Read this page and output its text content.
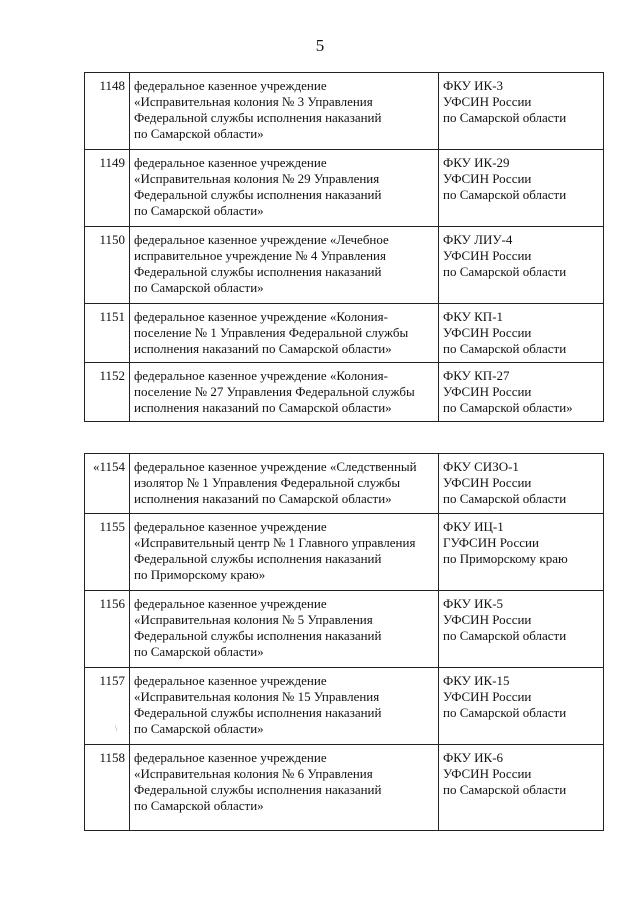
5
\
1148	федеральное казенное учреждение
«Исправительная колония № 3 Управления
Федеральной службы исполнения наказаний
по Самарской области»	ФКУ ИК-3
УФСИН России
по Самарской области
1149	федеральное казенное учреждение
«Исправительная колония № 29 Управления
Федеральной службы исполнения наказаний
по Самарской области»	ФКУ ИК-29
УФСИН России
по Самарской области
1150	федеральное казенное учреждение «Лечебное
исправительное учреждение № 4 Управления
Федеральной службы исполнения наказаний
по Самарской области»	ФКУ ЛИУ-4
УФСИН России
по Самарской области
1151	федеральное казенное учреждение «Колония-
поселение № 1 Управления Федеральной службы
исполнения наказаний по Самарской области»	ФКУ КП-1
УФСИН России
по Самарской области
1152	федеральное казенное учреждение «Колония-
поселение № 27 Управления Федеральной службы
исполнения наказаний по Самарской области»	ФКУ КП-27
УФСИН России
по Самарской области»
«1154	федеральное казенное учреждение «Следственный
изолятор № 1 Управления Федеральной службы
исполнения наказаний по Самарской области»	ФКУ СИЗО-1
УФСИН России
по Самарской области
1155	федеральное казенное учреждение
«Исправительный центр № 1 Главного управления
Федеральной службы исполнения наказаний
по Приморскому краю»	ФКУ ИЦ-1
ГУФСИН России
по Приморскому краю
1156	федеральное казенное учреждение
«Исправительная колония № 5 Управления
Федеральной службы исполнения наказаний
по Самарской области»	ФКУ ИК-5
УФСИН России
по Самарской области
1157	федеральное казенное учреждение
«Исправительная колония № 15 Управления
Федеральной службы исполнения наказаний
по Самарской области»	ФКУ ИК-15
УФСИН России
по Самарской области
1158	федеральное казенное учреждение
«Исправительная колония № 6 Управления
Федеральной службы исполнения наказаний
по Самарской области»	ФКУ ИК-6
УФСИН России
по Самарской области
